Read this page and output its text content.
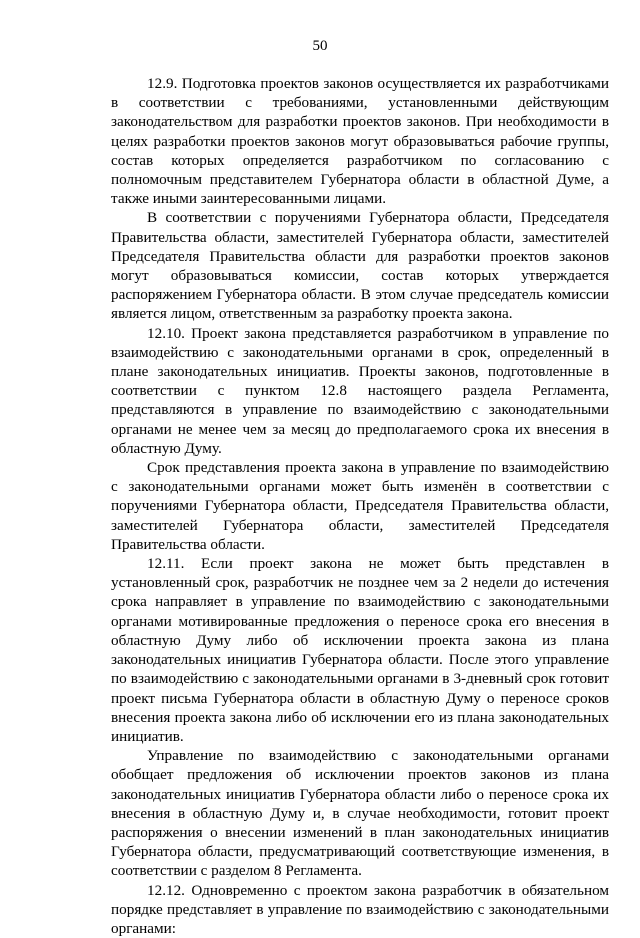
50

12.9. Подготовка проектов законов осуществляется их разработчиками в соответствии с требованиями, установленными действующим законодательством для разработки проектов законов. При необходимости в целях разработки проектов законов могут образовываться рабочие группы, состав которых определяется разработчиком по согласованию с полномочным представителем Губернатора области в областной Думе, а также иными заинтересованными лицами.

В соответствии с поручениями Губернатора области, Председателя Правительства области, заместителей Губернатора области, заместителей Председателя Правительства области для разработки проектов законов могут образовываться комиссии, состав которых утверждается распоряжением Губернатора области. В этом случае председатель комиссии является лицом, ответственным за разработку проекта закона.

12.10. Проект закона представляется разработчиком в управление по взаимодействию с законодательными органами в срок, определенный в плане законодательных инициатив. Проекты законов, подготовленные в соответствии с пунктом 12.8 настоящего раздела Регламента, представляются в управление по взаимодействию с законодательными органами не менее чем за месяц до предполагаемого срока их внесения в областную Думу.

Срок представления проекта закона в управление по взаимодействию с законодательными органами может быть изменён в соответствии с поручениями Губернатора области, Председателя Правительства области, заместителей Губернатора области, заместителей Председателя Правительства области.

12.11. Если проект закона не может быть представлен в установленный срок, разработчик не позднее чем за 2 недели до истечения срока направляет в управление по взаимодействию с законодательными органами мотивированные предложения о переносе срока его внесения в областную Думу либо об исключении проекта закона из плана законодательных инициатив Губернатора области. После этого управление по взаимодействию с законодательными органами в 3-дневный срок готовит проект письма Губернатора области в областную Думу о переносе сроков внесения проекта закона либо об исключении его из плана законодательных инициатив.

Управление по взаимодействию с законодательными органами обобщает предложения об исключении проектов законов из плана законодательных инициатив Губернатора области либо о переносе срока их внесения в областную Думу и, в случае необходимости, готовит проект распоряжения о внесении изменений в план законодательных инициатив Губернатора области, предусматривающий соответствующие изменения, в соответствии с разделом 8 Регламента.

12.12. Одновременно с проектом закона разработчик в обязательном порядке представляет в управление по взаимодействию с законодательными органами:
